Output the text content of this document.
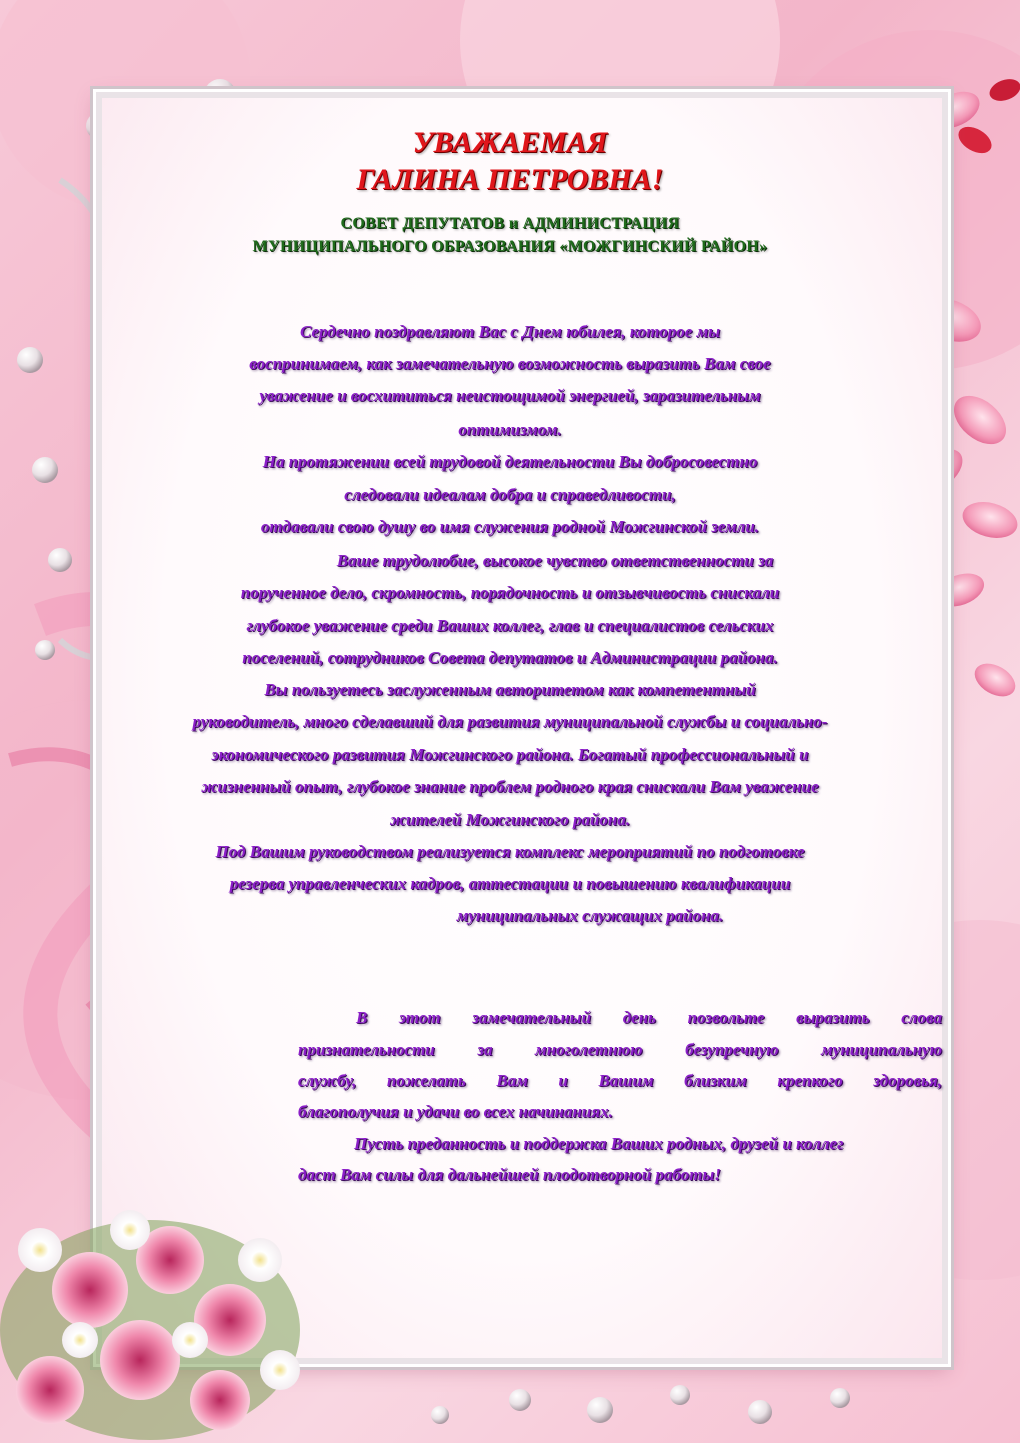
УВАЖАЕМАЯ

ГАЛИНА ПЕТРОВНА!

СОВЕТ ДЕПУТАТОВ и АДМИНИСТРАЦИЯ

МУНИЦИПАЛЬНОГО ОБРАЗОВАНИЯ «МОЖГИНСКИЙ РАЙОН»

Сердечно поздравляют Вас с Днем юбилея, которое мы

воспринимаем, как замечательную возможность выразить Вам свое

уважение и восхититься неистощимой энергией, заразительным

оптимизмом.

На протяжении всей трудовой деятельности Вы добросовестно

следовали идеалам добра и справедливости,

отдавали свою душу во имя служения родной Можгинской земли.

Ваше трудолюбие, высокое чувство ответственности за

порученное дело, скромность, порядочность и отзывчивость снискали

глубокое уважение среди Ваших коллег, глав и специалистов сельских

поселений, сотрудников Совета депутатов и Администрации района.

Вы пользуетесь заслуженным авторитетом как компетентный

руководитель, много сделавший для развития муниципальной службы и социально-

экономического развития Можгинского района. Богатый профессиональный и

жизненный опыт, глубокое знание проблем родного края снискали Вам уважение

жителей Можгинского района.

Под Вашим руководством реализуется комплекс мероприятий по подготовке

резерва управленческих кадров, аттестации и повышению квалификации

муниципальных служащих района.

В этот замечательный день позвольте выразить слова

признательности за многолетнюю безупречную муниципальную

службу, пожелать Вам и Вашим близким крепкого здоровья,

благополучия и удачи во всех начинаниях.

Пусть преданность и поддержка Ваших родных, друзей и коллег

даст Вам силы для дальнейшей плодотворной работы!
